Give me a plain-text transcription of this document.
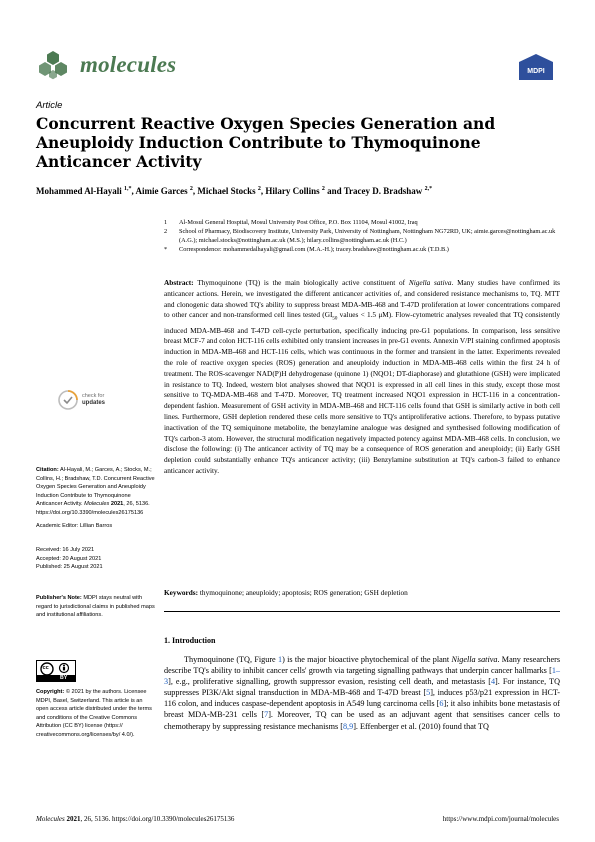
molecules	MDPI
Article
Concurrent Reactive Oxygen Species Generation and Aneuploidy Induction Contribute to Thymoquinone Anticancer Activity
Mohammed Al-Hayali $^{1,*}$, Aimie Garces $^2$, Michael Stocks $^2$, Hilary Collins $^2$ and Tracey D. Bradshaw $^{2,*}$
1	Al-Mosul General Hospital, Mosul University Post Office, P.O. Box 11104, Mosul 41002, Iraq
2	School of Pharmacy, Biodiscovery Institute, University Park, University of Nottingham, Nottingham NG72RD, UK; aimie.garces@nottingham.ac.uk (A.G.); michael.stocks@nottingham.ac.uk (M.S.); hilary.collins@nottingham.ac.uk (H.C.)
*	Correspondence: mohammedalhayali@gmail.com (M.A.-H.); tracey.bradshaw@nottingham.ac.uk (T.D.B.)
Abstract: Thymoquinone (TQ) is the main biologically active constituent of Nigella sativa. Many studies have confirmed its anticancer actions. Herein, we investigated the different anticancer activities of, and considered resistance mechanisms to, TQ. MTT and clonogenic data showed TQ's ability to suppress breast MDA-MB-468 and T-47D proliferation at lower concentrations compared to other cancer and non-transformed cell lines tested ($GI_{50}$ values < 1.5 μM). Flow-cytometric analyses revealed that TQ consistently induced MDA-MB-468 and T-47D cell-cycle perturbation, specifically inducing pre-G1 populations. In comparison, less sensitive breast MCF-7 and colon HCT-116 cells exhibited only transient increases in pre-G1 events. Annexin V/PI staining confirmed apoptosis induction in MDA-MB-468 and HCT-116 cells, which was continuous in the former and transient in the latter. Experiments revealed the role of reactive oxygen species (ROS) generation and aneuploidy induction in MDA-MB-468 cells within the first 24 h of treatment. The ROS-scavenger NAD(P)H dehydrogenase (quinone 1) (NQO1; DT-diaphorase) and glutathione (GSH) were implicated in resistance to TQ. Indeed, western blot analyses showed that NQO1 is expressed in all cell lines in this study, except those most sensitive to TQ-MDA-MB-468 and T-47D. Moreover, TQ treatment increased NQO1 expression in HCT-116 in a concentration-dependent fashion. Measurement of GSH activity in MDA-MB-468 and HCT-116 cells found that GSH is similarly active in both cell lines. Furthermore, GSH depletion rendered these cells more sensitive to TQ's antiproliferative actions. Therefore, to bypass putative inactivation of the TQ semiquinone metabolite, the benzylamine analogue was designed and synthesised following modification of TQ's carbon-3 atom. However, the structural modification negatively impacted potency against MDA-MB-468 cells. In conclusion, we disclose the following: (i) The anticancer activity of TQ may be a consequence of ROS generation and aneuploidy; (ii) Early GSH depletion could substantially enhance TQ's anticancer activity; (iii) Benzylamine substitution at TQ's carbon-3 failed to enhance anticancer activity.
Keywords: thymoquinone; aneuploidy; apoptosis; ROS generation; GSH depletion
check for
updates
Citation: Al-Hayali, M.; Garces, A.; Stocks, M.; Collins, H.; Bradshaw, T.D. Concurrent Reactive Oxygen Species Generation and Aneuploidy Induction Contribute to Thymoquinone Anticancer Activity. Molecules 2021, 26, 5136. https://doi.org/10.3390/molecules26175136
Academic Editor: Lillian Barros
Received: 16 July 2021
Accepted: 20 August 2021
Published: 25 August 2021
Publisher's Note: MDPI stays neutral with regard to jurisdictional claims in published maps and institutional affiliations.
cc
BY
Copyright: © 2021 by the authors. Licensee MDPI, Basel, Switzerland. This article is an open access article distributed under the terms and conditions of the Creative Commons Attribution (CC BY) license (https:// creativecommons.org/licenses/by/ 4.0/).
1. Introduction
Thymoquinone (TQ, Figure 1) is the major bioactive phytochemical of the plant Nigella sativa. Many researchers describe TQ's ability to inhibit cancer cells' growth via targeting signalling pathways that underpin cancer hallmarks [1–3], e.g., proliferative signalling, growth suppressor evasion, resisting cell death, and metastasis [4]. For instance, TQ suppresses PI3K/Akt signal transduction in MDA-MB-468 and T-47D breast [5], induces p53/p21 expression in HCT-116 colon, and induces caspase-dependent apoptosis in A549 lung carcinoma cells [6]; it also inhibits bone metastasis of breast MDA-MB-231 cells [7]. Moreover, TQ can be used as an adjuvant agent that sensitises cancer cells to chemotherapy by suppressing resistance mechanisms [8,9]. Effenberger et al. (2010) found that TQ
Molecules 2021, 26, 5136. https://doi.org/10.3390/molecules26175136	https://www.mdpi.com/journal/molecules
